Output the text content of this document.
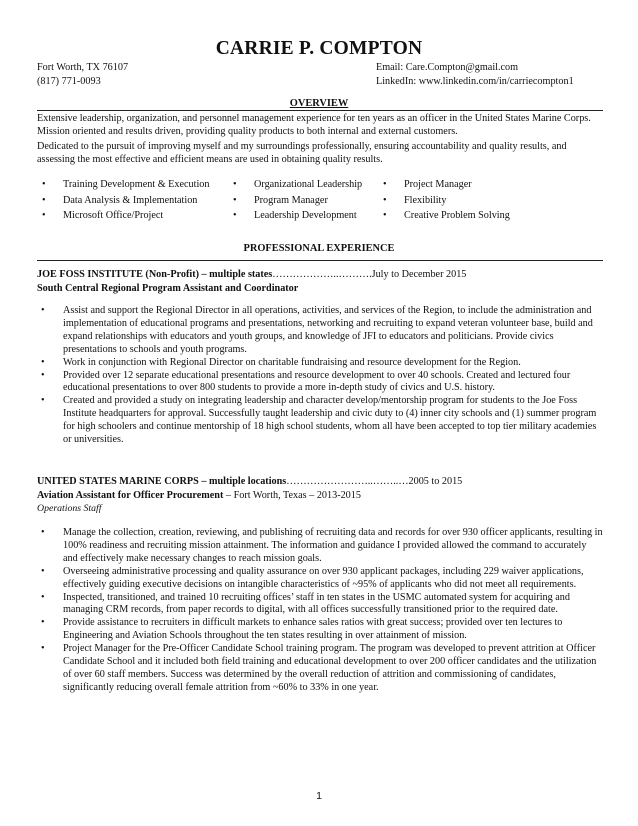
CARRIE P. COMPTON
Fort Worth, TX 76107
(817) 771-0093
Email: Care.Compton@gmail.com
LinkedIn: www.linkedin.com/in/carriecompton1
OVERVIEW
Extensive leadership, organization, and personnel management experience for ten years as an officer in the United States Marine Corps. Mission oriented and results driven, providing quality products to both internal and external customers.
Dedicated to the pursuit of improving myself and my surroundings professionally, ensuring accountability and quality results, and assessing the most effective and efficient means are used in obtaining quality results.
• Training Development & Execution
• Data Analysis & Implementation
• Microsoft Office/Project
• Organizational Leadership
• Program Manager
• Leadership Development
• Project Manager
• Flexibility
• Creative Problem Solving
PROFESSIONAL EXPERIENCE
JOE FOSS INSTITUTE (Non-Profit) – multiple states………………..……….July to December 2015
South Central Regional Program Assistant and Coordinator
• Assist and support the Regional Director in all operations, activities, and services of the Region, to include the administration and implementation of educational programs and presentations, networking and recruiting to expand veteran volunteer base, build and expand relationships with educators and youth groups, and knowledge of JFI to educators and politicians. Provide civics presentations to schools and youth programs.
• Work in conjunction with Regional Director on charitable fundraising and resource development for the Region.
• Provided over 12 separate educational presentations and resource development to over 40 schools. Created and lectured four educational presentations to over 800 students to provide a more in-depth study of civics and U.S. history.
• Created and provided a study on integrating leadership and character develop/mentorship program for students to the Joe Foss Institute headquarters for approval. Successfully taught leadership and civic duty to (4) inner city schools and (1) summer program for high schoolers and continue mentorship of 18 high school students, whom all have been accepted to top tier military academies or universities.
UNITED STATES MARINE CORPS – multiple locations……………………..……..…2005 to 2015
Aviation Assistant for Officer Procurement – Fort Worth, Texas – 2013-2015
Operations Staff
• Manage the collection, creation, reviewing, and publishing of recruiting data and records for over 930 officer applicants, resulting in 100% readiness and recruiting mission attainment. The information and guidance I provided allowed the command to accurately and effectively make necessary changes to reach mission goals.
• Overseeing administrative processing and quality assurance on over 930 applicant packages, including 229 waiver applications, effectively guiding executive decisions on intangible characteristics of ~95% of applicants who did not meet all requirements.
• Inspected, transitioned, and trained 10 recruiting offices’ staff in ten states in the USMC automated system for acquiring and managing CRM records, from paper records to digital, with all offices successfully transitioned prior to the required date.
• Provide assistance to recruiters in difficult markets to enhance sales ratios with great success; provided over ten lectures to Engineering and Aviation Schools throughout the ten states resulting in over attainment of mission.
• Project Manager for the Pre-Officer Candidate School training program. The program was developed to prevent attrition at Officer Candidate School and it included both field training and educational development to over 200 officer candidates and the utilization of over 60 staff members. Success was determined by the overall reduction of attrition and commissioning of candidates, significantly reducing overall female attrition from ~60% to 33% in one year.
1
